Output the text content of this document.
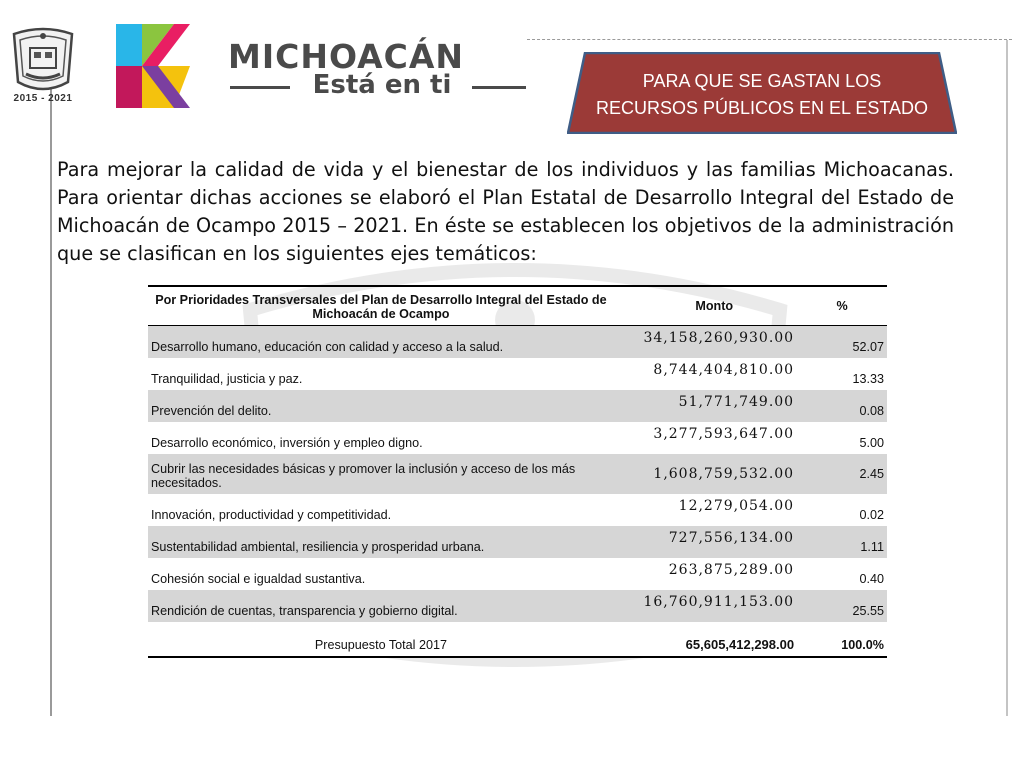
2015 - 2021
MICHOACÁN
Está en ti	PARA QUE SE GASTAN LOS
RECURSOS PÚBLICOS EN EL ESTADO
Para mejorar la calidad de vida y el bienestar de los individuos y las familias Michoacanas. Para orientar dichas acciones se elaboró el Plan Estatal de Desarrollo Integral del Estado de Michoacán de Ocampo 2015 – 2021. En éste se establecen los objetivos de la administración que se clasifican en los siguientes ejes temáticos:
Por Prioridades Transversales del Plan de Desarrollo Integral del Estado de Michoacán de Ocampo	Monto	%
Desarrollo humano, educación con calidad y acceso a la salud.	34,158,260,930.00	52.07
Tranquilidad, justicia y paz.	8,744,404,810.00	13.33
Prevención del delito.	51,771,749.00	0.08
Desarrollo económico, inversión y empleo digno.	3,277,593,647.00	5.00
Cubrir las necesidades básicas y promover la inclusión y acceso de los más necesitados.	1,608,759,532.00	2.45
Innovación, productividad y competitividad.	12,279,054.00	0.02
Sustentabilidad ambiental, resiliencia y prosperidad urbana.	727,556,134.00	1.11
Cohesión social e igualdad sustantiva.	263,875,289.00	0.40
Rendición de cuentas, transparencia y gobierno digital.	16,760,911,153.00	25.55
Presupuesto Total 2017	65,605,412,298.00	100.0%
